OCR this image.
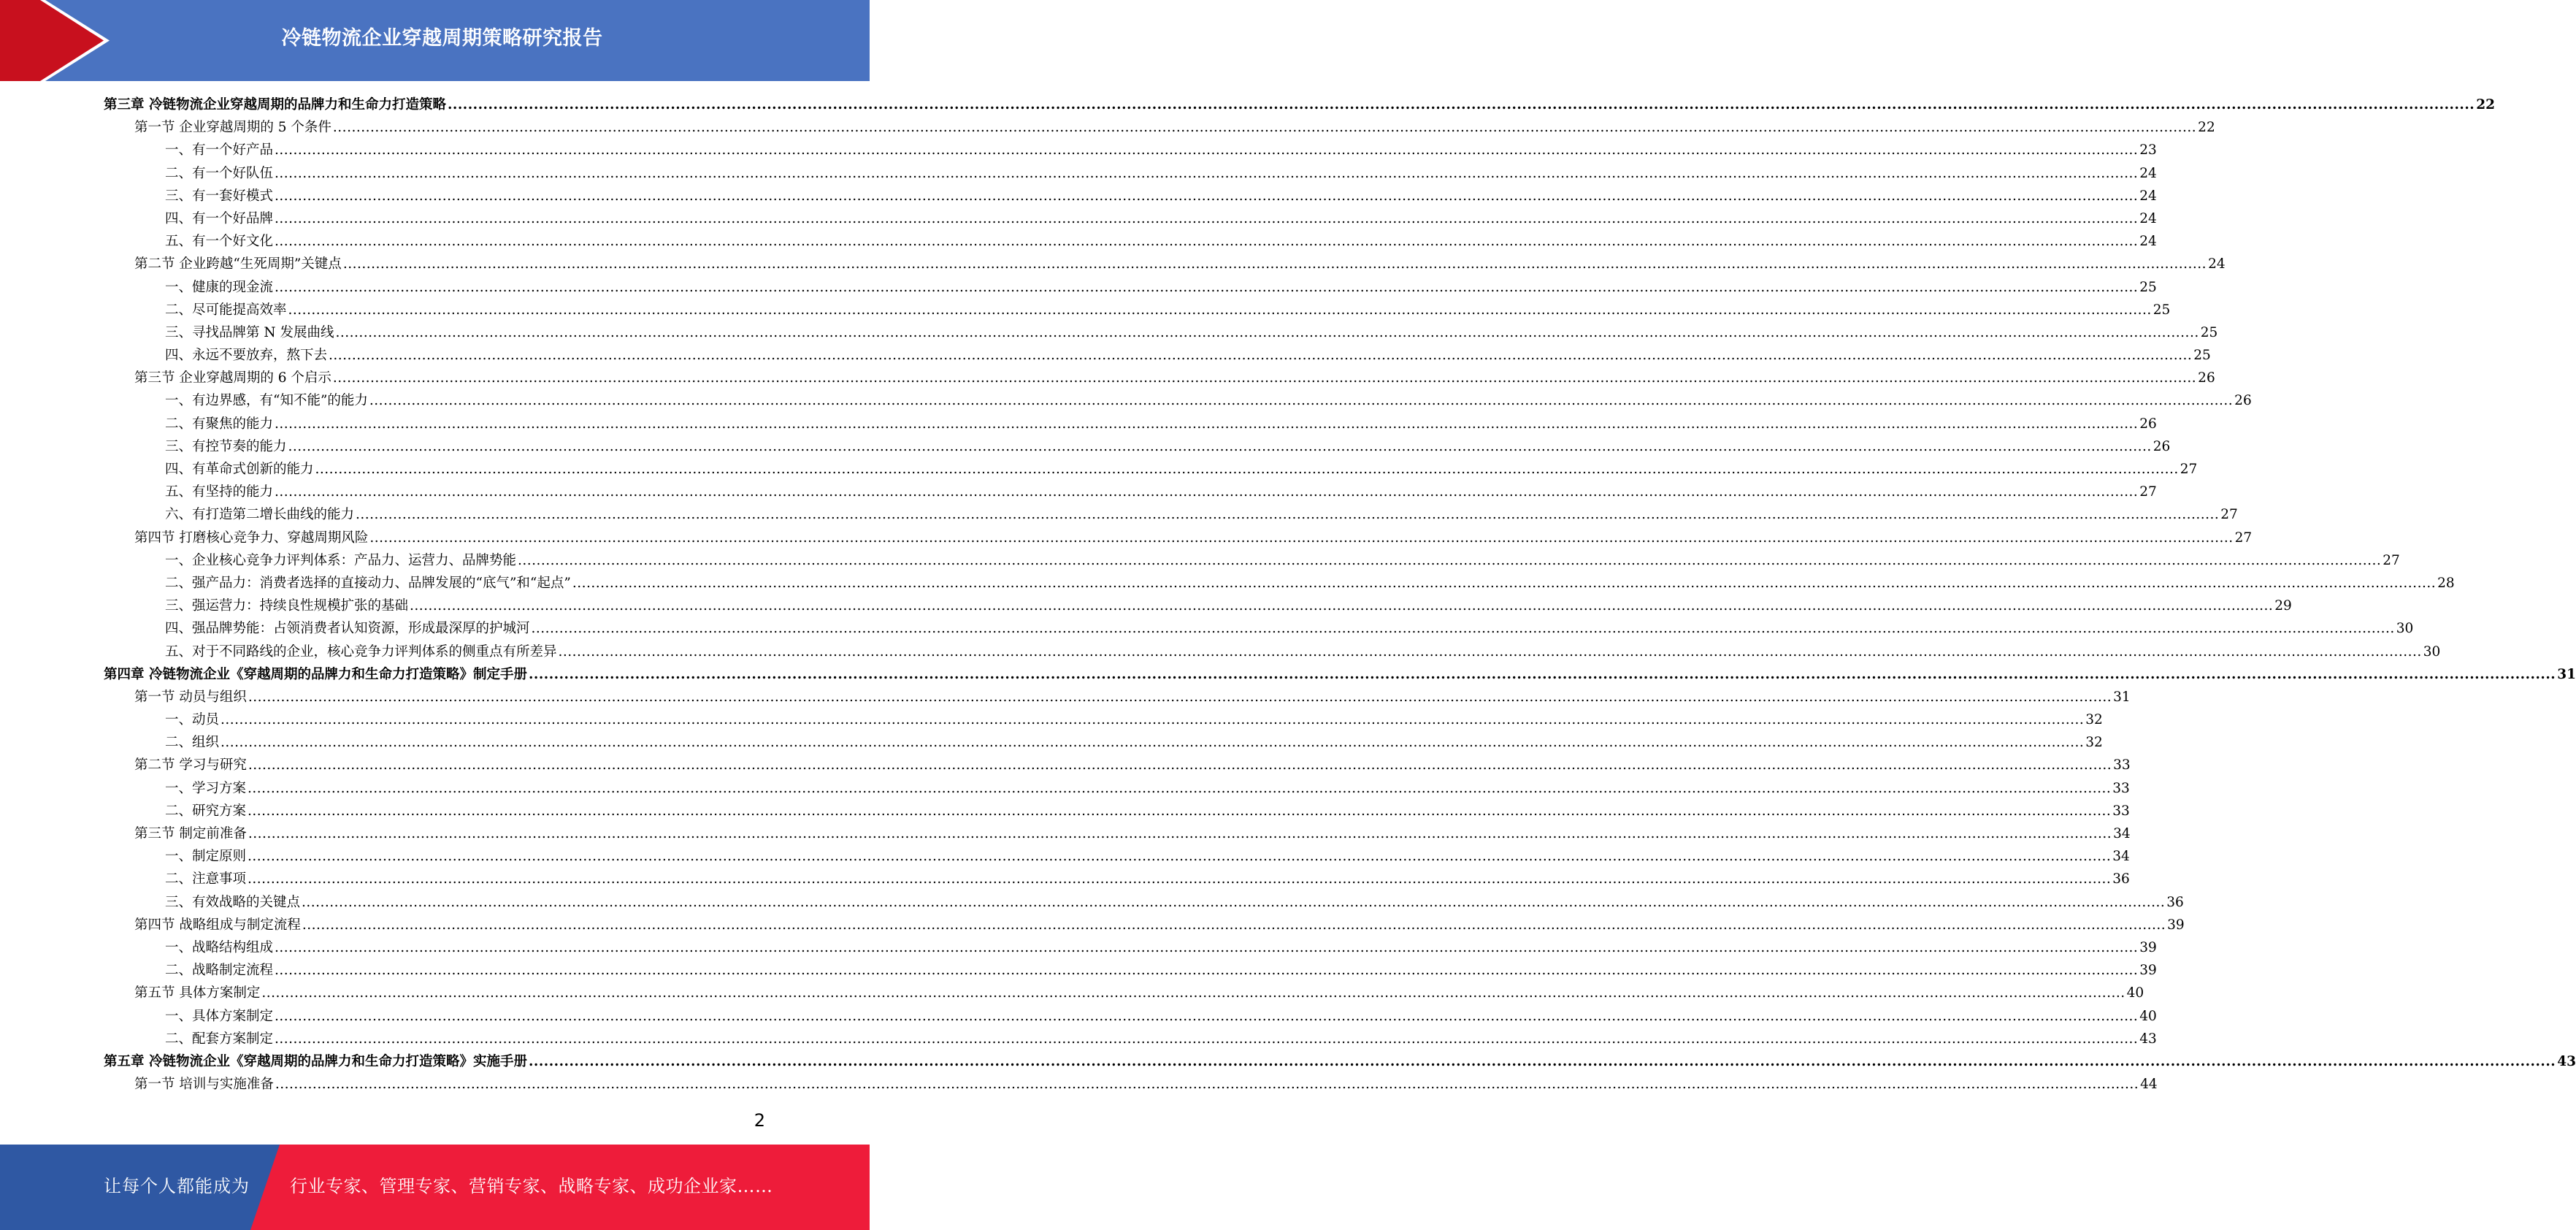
冷链物流企业穿越周期策略研究报告
第三章 冷链物流企业穿越周期的品牌力和生命力打造策略 ................................................................................................................................................................................................................................................................................................................................................................................................................ 22
第一节 企业穿越周期的 5 个条件 ................................................................................................................................................................................................................................................................................................................................................................................................................ 22
一、有一个好产品 ................................................................................................................................................................................................................................................................................................................................................................................................................ 23
二、有一个好队伍 ................................................................................................................................................................................................................................................................................................................................................................................................................ 24
三、有一套好模式 ................................................................................................................................................................................................................................................................................................................................................................................................................ 24
四、有一个好品牌 ................................................................................................................................................................................................................................................................................................................................................................................................................ 24
五、有一个好文化 ................................................................................................................................................................................................................................................................................................................................................................................................................ 24
第二节 企业跨越“生死周期”关键点 ................................................................................................................................................................................................................................................................................................................................................................................................................ 24
一、健康的现金流 ................................................................................................................................................................................................................................................................................................................................................................................................................ 25
二、尽可能提高效率 ................................................................................................................................................................................................................................................................................................................................................................................................................ 25
三、寻找品牌第 N 发展曲线 ................................................................................................................................................................................................................................................................................................................................................................................................................ 25
四、永远不要放弃，熬下去 ................................................................................................................................................................................................................................................................................................................................................................................................................ 25
第三节 企业穿越周期的 6 个启示 ................................................................................................................................................................................................................................................................................................................................................................................................................ 26
一、有边界感，有“知不能”的能力 ................................................................................................................................................................................................................................................................................................................................................................................................................ 26
二、有聚焦的能力 ................................................................................................................................................................................................................................................................................................................................................................................................................ 26
三、有控节奏的能力 ................................................................................................................................................................................................................................................................................................................................................................................................................ 26
四、有革命式创新的能力 ................................................................................................................................................................................................................................................................................................................................................................................................................ 27
五、有坚持的能力 ................................................................................................................................................................................................................................................................................................................................................................................................................ 27
六、有打造第二增长曲线的能力 ................................................................................................................................................................................................................................................................................................................................................................................................................ 27
第四节 打磨核心竞争力、穿越周期风险 ................................................................................................................................................................................................................................................................................................................................................................................................................ 27
一、企业核心竞争力评判体系：产品力、运营力、品牌势能 ................................................................................................................................................................................................................................................................................................................................................................................................................ 27
二、强产品力：消费者选择的直接动力、品牌发展的“底气”和“起点” ................................................................................................................................................................................................................................................................................................................................................................................................................ 28
三、强运营力：持续良性规模扩张的基础 ................................................................................................................................................................................................................................................................................................................................................................................................................ 29
四、强品牌势能：占领消费者认知资源，形成最深厚的护城河 ................................................................................................................................................................................................................................................................................................................................................................................................................ 30
五、对于不同路线的企业，核心竞争力评判体系的侧重点有所差异 ................................................................................................................................................................................................................................................................................................................................................................................................................ 30
第四章 冷链物流企业《穿越周期的品牌力和生命力打造策略》制定手册 ................................................................................................................................................................................................................................................................................................................................................................................................................ 31
第一节 动员与组织 ................................................................................................................................................................................................................................................................................................................................................................................................................ 31
一、动员 ................................................................................................................................................................................................................................................................................................................................................................................................................ 32
二、组织 ................................................................................................................................................................................................................................................................................................................................................................................................................ 32
第二节 学习与研究 ................................................................................................................................................................................................................................................................................................................................................................................................................ 33
一、学习方案 ................................................................................................................................................................................................................................................................................................................................................................................................................ 33
二、研究方案 ................................................................................................................................................................................................................................................................................................................................................................................................................ 33
第三节 制定前准备 ................................................................................................................................................................................................................................................................................................................................................................................................................ 34
一、制定原则 ................................................................................................................................................................................................................................................................................................................................................................................................................ 34
二、注意事项 ................................................................................................................................................................................................................................................................................................................................................................................................................ 36
三、有效战略的关键点 ................................................................................................................................................................................................................................................................................................................................................................................................................ 36
第四节 战略组成与制定流程 ................................................................................................................................................................................................................................................................................................................................................................................................................ 39
一、战略结构组成 ................................................................................................................................................................................................................................................................................................................................................................................................................ 39
二、战略制定流程 ................................................................................................................................................................................................................................................................................................................................................................................................................ 39
第五节 具体方案制定 ................................................................................................................................................................................................................................................................................................................................................................................................................ 40
一、具体方案制定 ................................................................................................................................................................................................................................................................................................................................................................................................................ 40
二、配套方案制定 ................................................................................................................................................................................................................................................................................................................................................................................................................ 43
第五章 冷链物流企业《穿越周期的品牌力和生命力打造策略》实施手册 ................................................................................................................................................................................................................................................................................................................................................................................................................ 43
第一节 培训与实施准备 ................................................................................................................................................................................................................................................................................................................................................................................................................ 44
2
让每个人都能成为 行业专家、管理专家、营销专家、战略专家、成功企业家……
